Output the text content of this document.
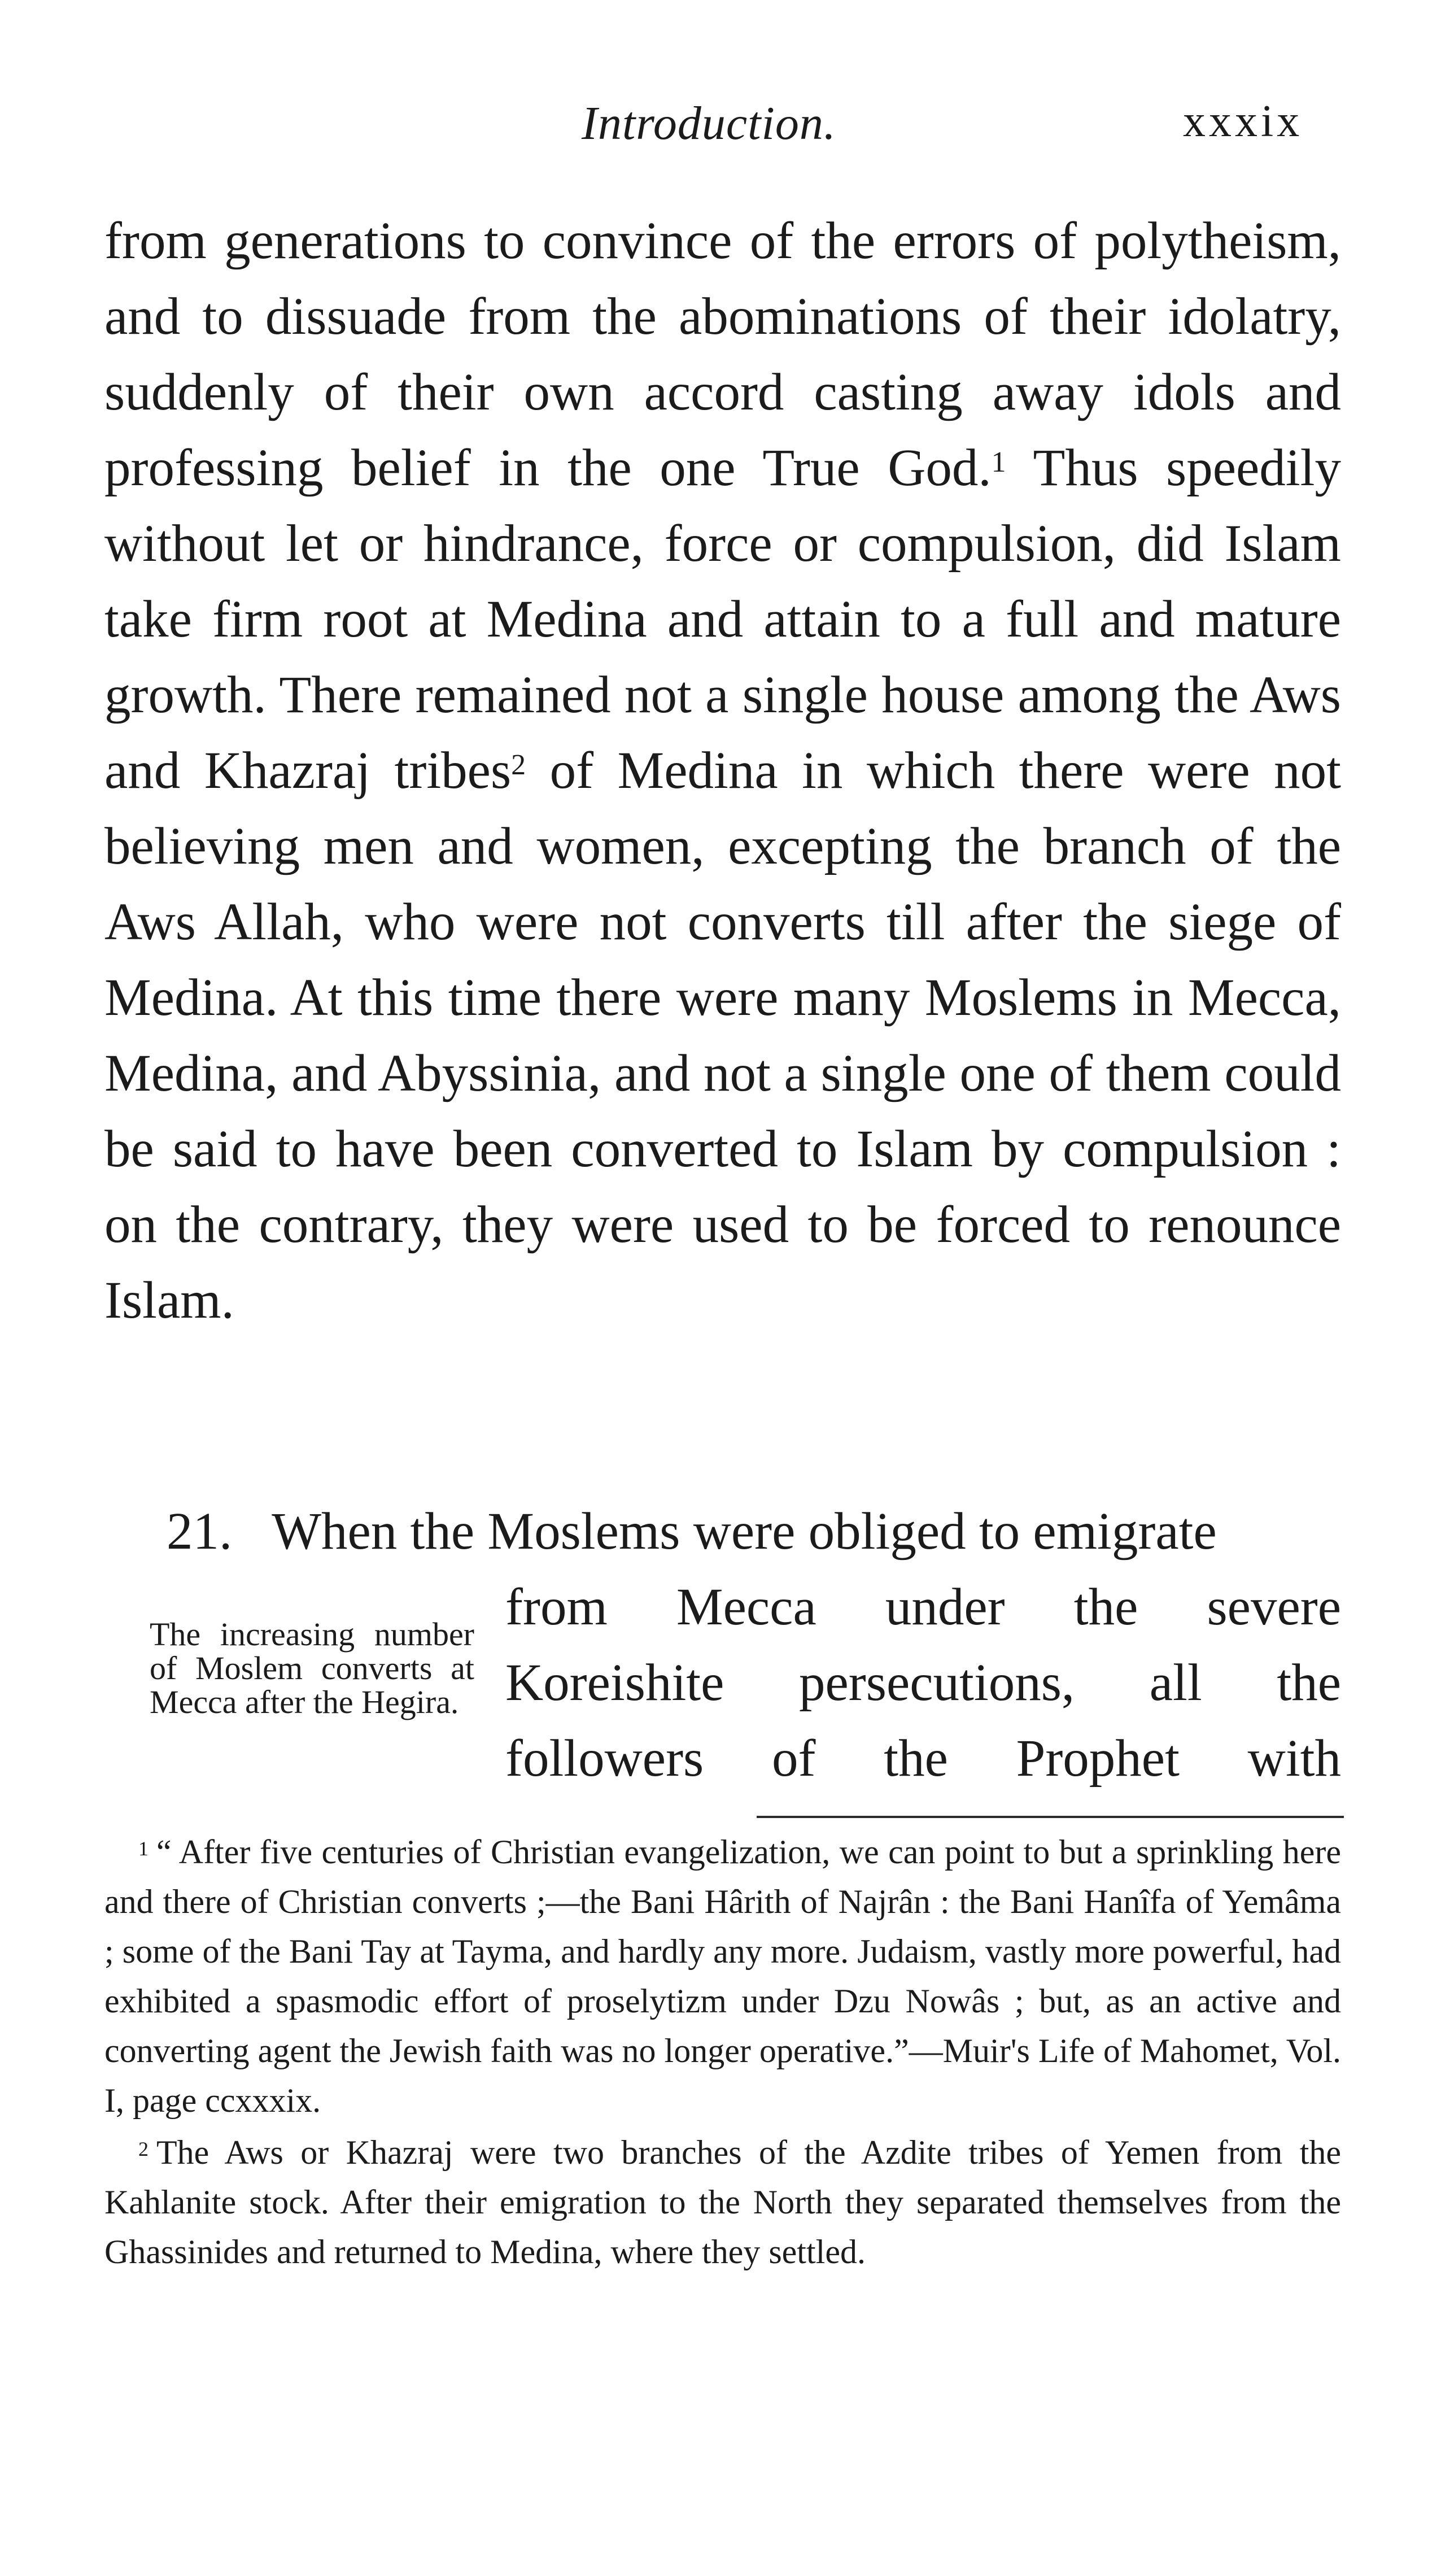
Introduction.	xxxix

from generations to convince of the errors of polytheism, and to dissuade from the abominations of their idolatry, suddenly of their own accord casting away idols and professing belief in the one True God.$^1$ Thus speedily without let or hindrance, force or compulsion, did Islam take firm root at Medina and attain to a full and mature growth. There remained not a single house among the Aws and Khazraj tribes$^2$ of Medina in which there were not believing men and women, excepting the branch of the Aws Allah, who were not converts till after the siege of Medina. At this time there were many Moslems in Mecca, Medina, and Abyssinia, and not a single one of them could be said to have been converted to Islam by compulsion : on the contrary, they were used to be forced to renounce Islam.

21. When the Moslems were obliged to emigrate
The increasing number of Moslem converts at Mecca after the Hegira.
from Mecca under the severe
Koreishite persecutions, all the
followers of the Prophet with

$^1$ “ After five centuries of Christian evangelization, we can point to but a sprinkling here and there of Christian converts ;—the Bani Hârith of Najrân : the Bani Hanîfa of Yemâma ; some of the Bani Tay at Tayma, and hardly any more. Judaism, vastly more powerful, had exhibited a spasmodic effort of proselytizm under Dzu Nowâs ; but, as an active and converting agent the Jewish faith was no longer operative.”—Muir's Life of Mahomet, Vol. I, page ccxxxix.

$^2$ The Aws or Khazraj were two branches of the Azdite tribes of Yemen from the Kahlanite stock. After their emigration to the North they separated themselves from the Ghassinides and returned to Medina, where they settled.
